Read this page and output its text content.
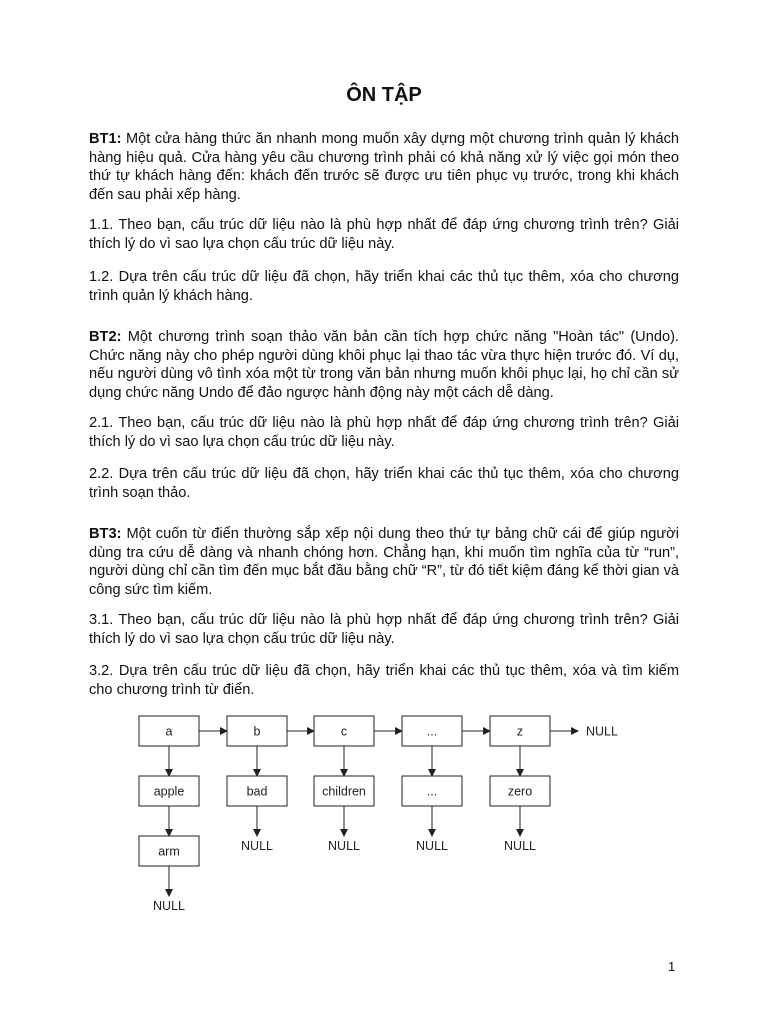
ÔN TẬP

BT1: Một cửa hàng thức ăn nhanh mong muốn xây dựng một chương trình quản lý khách hàng hiệu quả. Cửa hàng yêu cầu chương trình phải có khả năng xử lý việc gọi món theo thứ tự khách hàng đến: khách đến trước sẽ được ưu tiên phục vụ trước, trong khi khách đến sau phải xếp hàng.

1.1. Theo bạn, cấu trúc dữ liệu nào là phù hợp nhất để đáp ứng chương trình trên? Giải thích lý do vì sao lựa chọn cấu trúc dữ liệu này.

1.2. Dựa trên cấu trúc dữ liệu đã chọn, hãy triển khai các thủ tục thêm, xóa cho chương trình quản lý khách hàng.

BT2: Một chương trình soạn thảo văn bản cần tích hợp chức năng "Hoàn tác" (Undo). Chức năng này cho phép người dùng khôi phục lại thao tác vừa thực hiện trước đó. Ví dụ, nếu người dùng vô tình xóa một từ trong văn bản nhưng muốn khôi phục lại, họ chỉ cần sử dụng chức năng Undo để đảo ngược hành động này một cách dễ dàng.

2.1. Theo bạn, cấu trúc dữ liệu nào là phù hợp nhất để đáp ứng chương trình trên? Giải thích lý do vì sao lựa chọn cấu trúc dữ liệu này.

2.2. Dựa trên cấu trúc dữ liệu đã chọn, hãy triển khai các thủ tục thêm, xóa cho chương trình soạn thảo.

BT3: Một cuốn từ điển thường sắp xếp nội dung theo thứ tự bảng chữ cái để giúp người dùng tra cứu dễ dàng và nhanh chóng hơn. Chẳng hạn, khi muốn tìm nghĩa của từ “run”, người dùng chỉ cần tìm đến mục bắt đầu bằng chữ “R”, từ đó tiết kiệm đáng kể thời gian và công sức tìm kiếm.

3.1. Theo bạn, cấu trúc dữ liệu nào là phù hợp nhất để đáp ứng chương trình trên? Giải thích lý do vì sao lựa chọn cấu trúc dữ liệu này.

3.2. Dựa trên cấu trúc dữ liệu đã chọn, hãy triển khai các thủ tục thêm, xóa và tìm kiếm cho chương trình từ điển.

a
apple
arm
NULL
b
bad
NULL
c
children
NULL
...
...
NULL
z	NULL
zero
NULL
1
